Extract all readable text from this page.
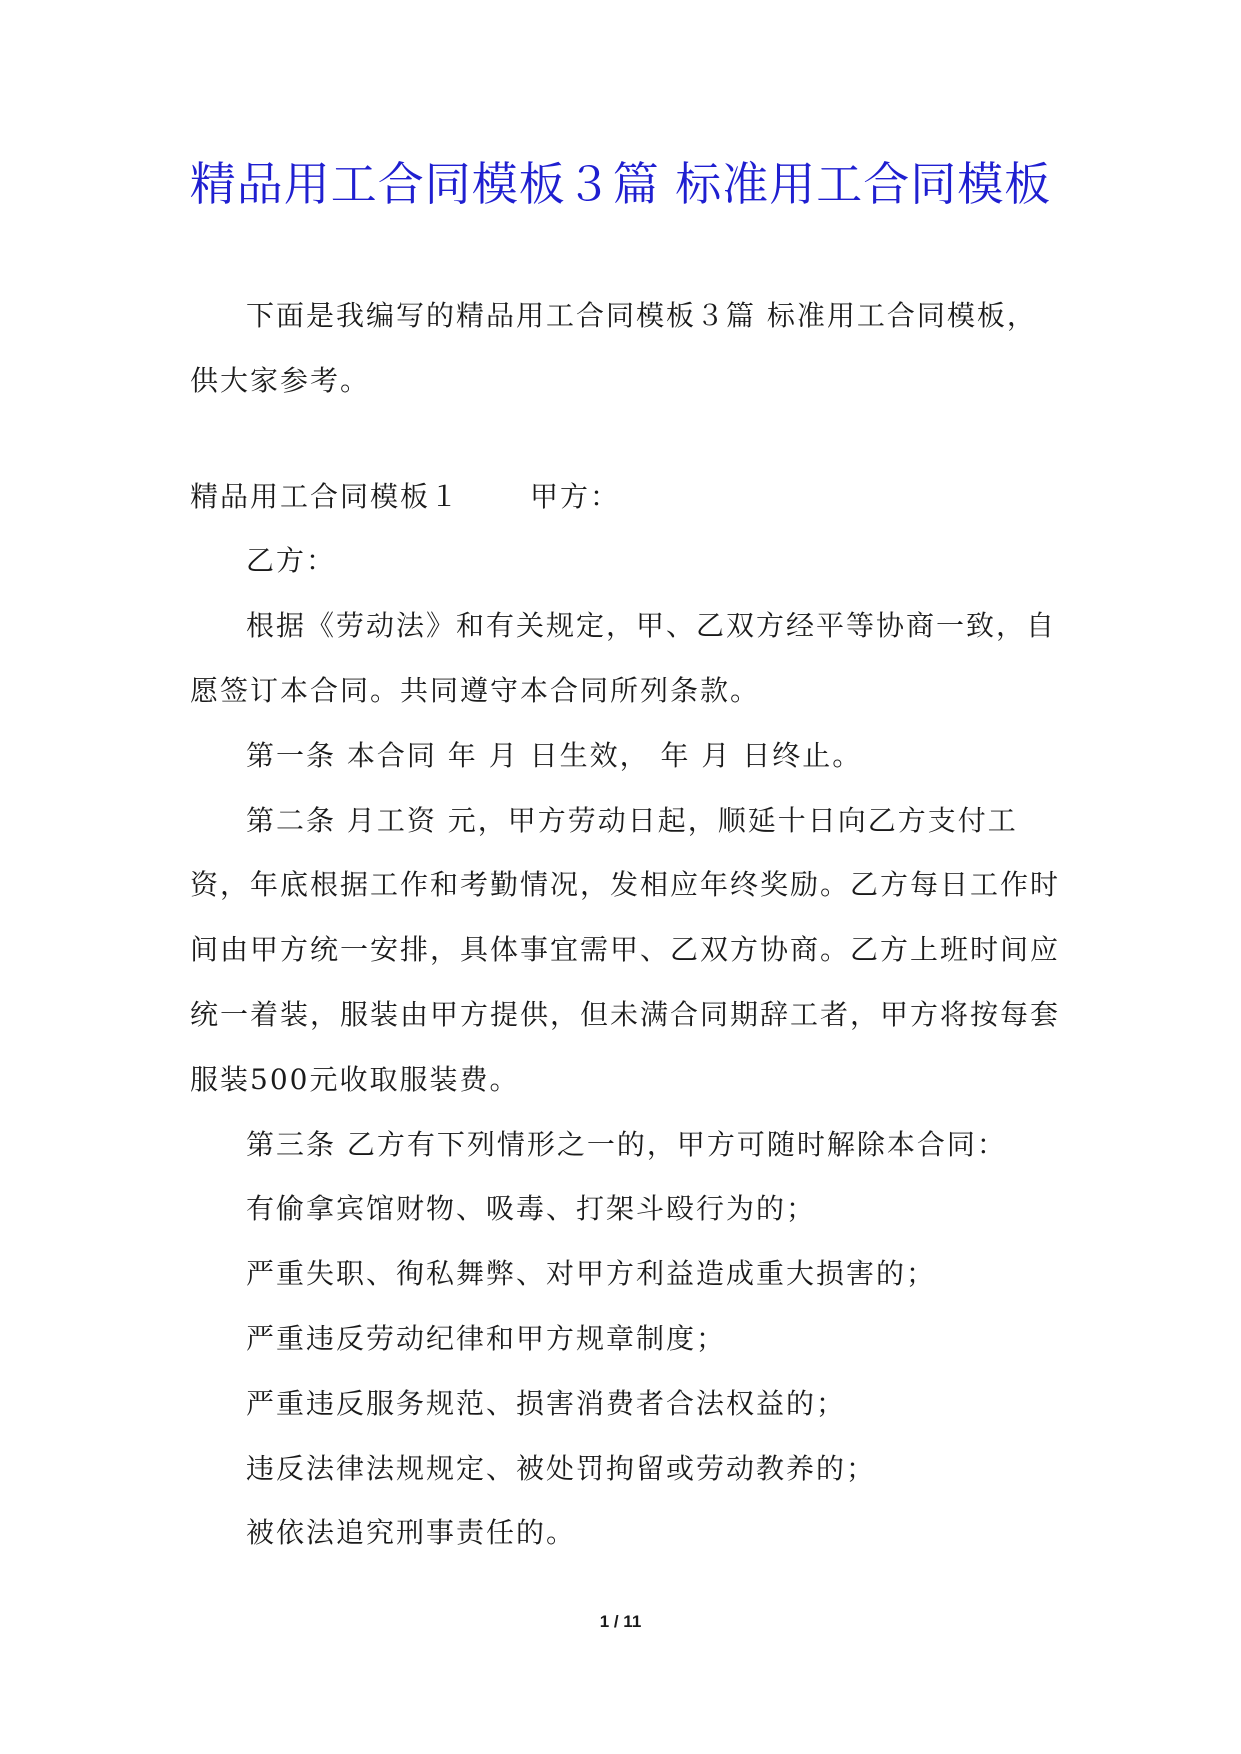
精品用工合同模板３篇 标准用工合同模板

下面是我编写的精品用工合同模板３篇 标准用工合同模板，供大家参考。

精品用工合同模板１	甲方：

乙方：

根据《劳动法》和有关规定，甲、乙双方经平等协商一致，自愿签订本合同。共同遵守本合同所列条款。

第一条 本合同 年 月 日生效， 年 月 日终止。

第二条 月工资 元，甲方劳动日起，顺延十日向乙方支付工资，年底根据工作和考勤情况，发相应年终奖励。乙方每日工作时间由甲方统一安排，具体事宜需甲、乙双方协商。乙方上班时间应统一着装，服装由甲方提供，但未满合同期辞工者，甲方将按每套服装500元收取服装费。

第三条 乙方有下列情形之一的，甲方可随时解除本合同：

有偷拿宾馆财物、吸毒、打架斗殴行为的；

严重失职、徇私舞弊、对甲方利益造成重大损害的；

严重违反劳动纪律和甲方规章制度；

严重违反服务规范、损害消费者合法权益的；

违反法律法规规定、被处罚拘留或劳动教养的；

被依法追究刑事责任的。

1 / 11
